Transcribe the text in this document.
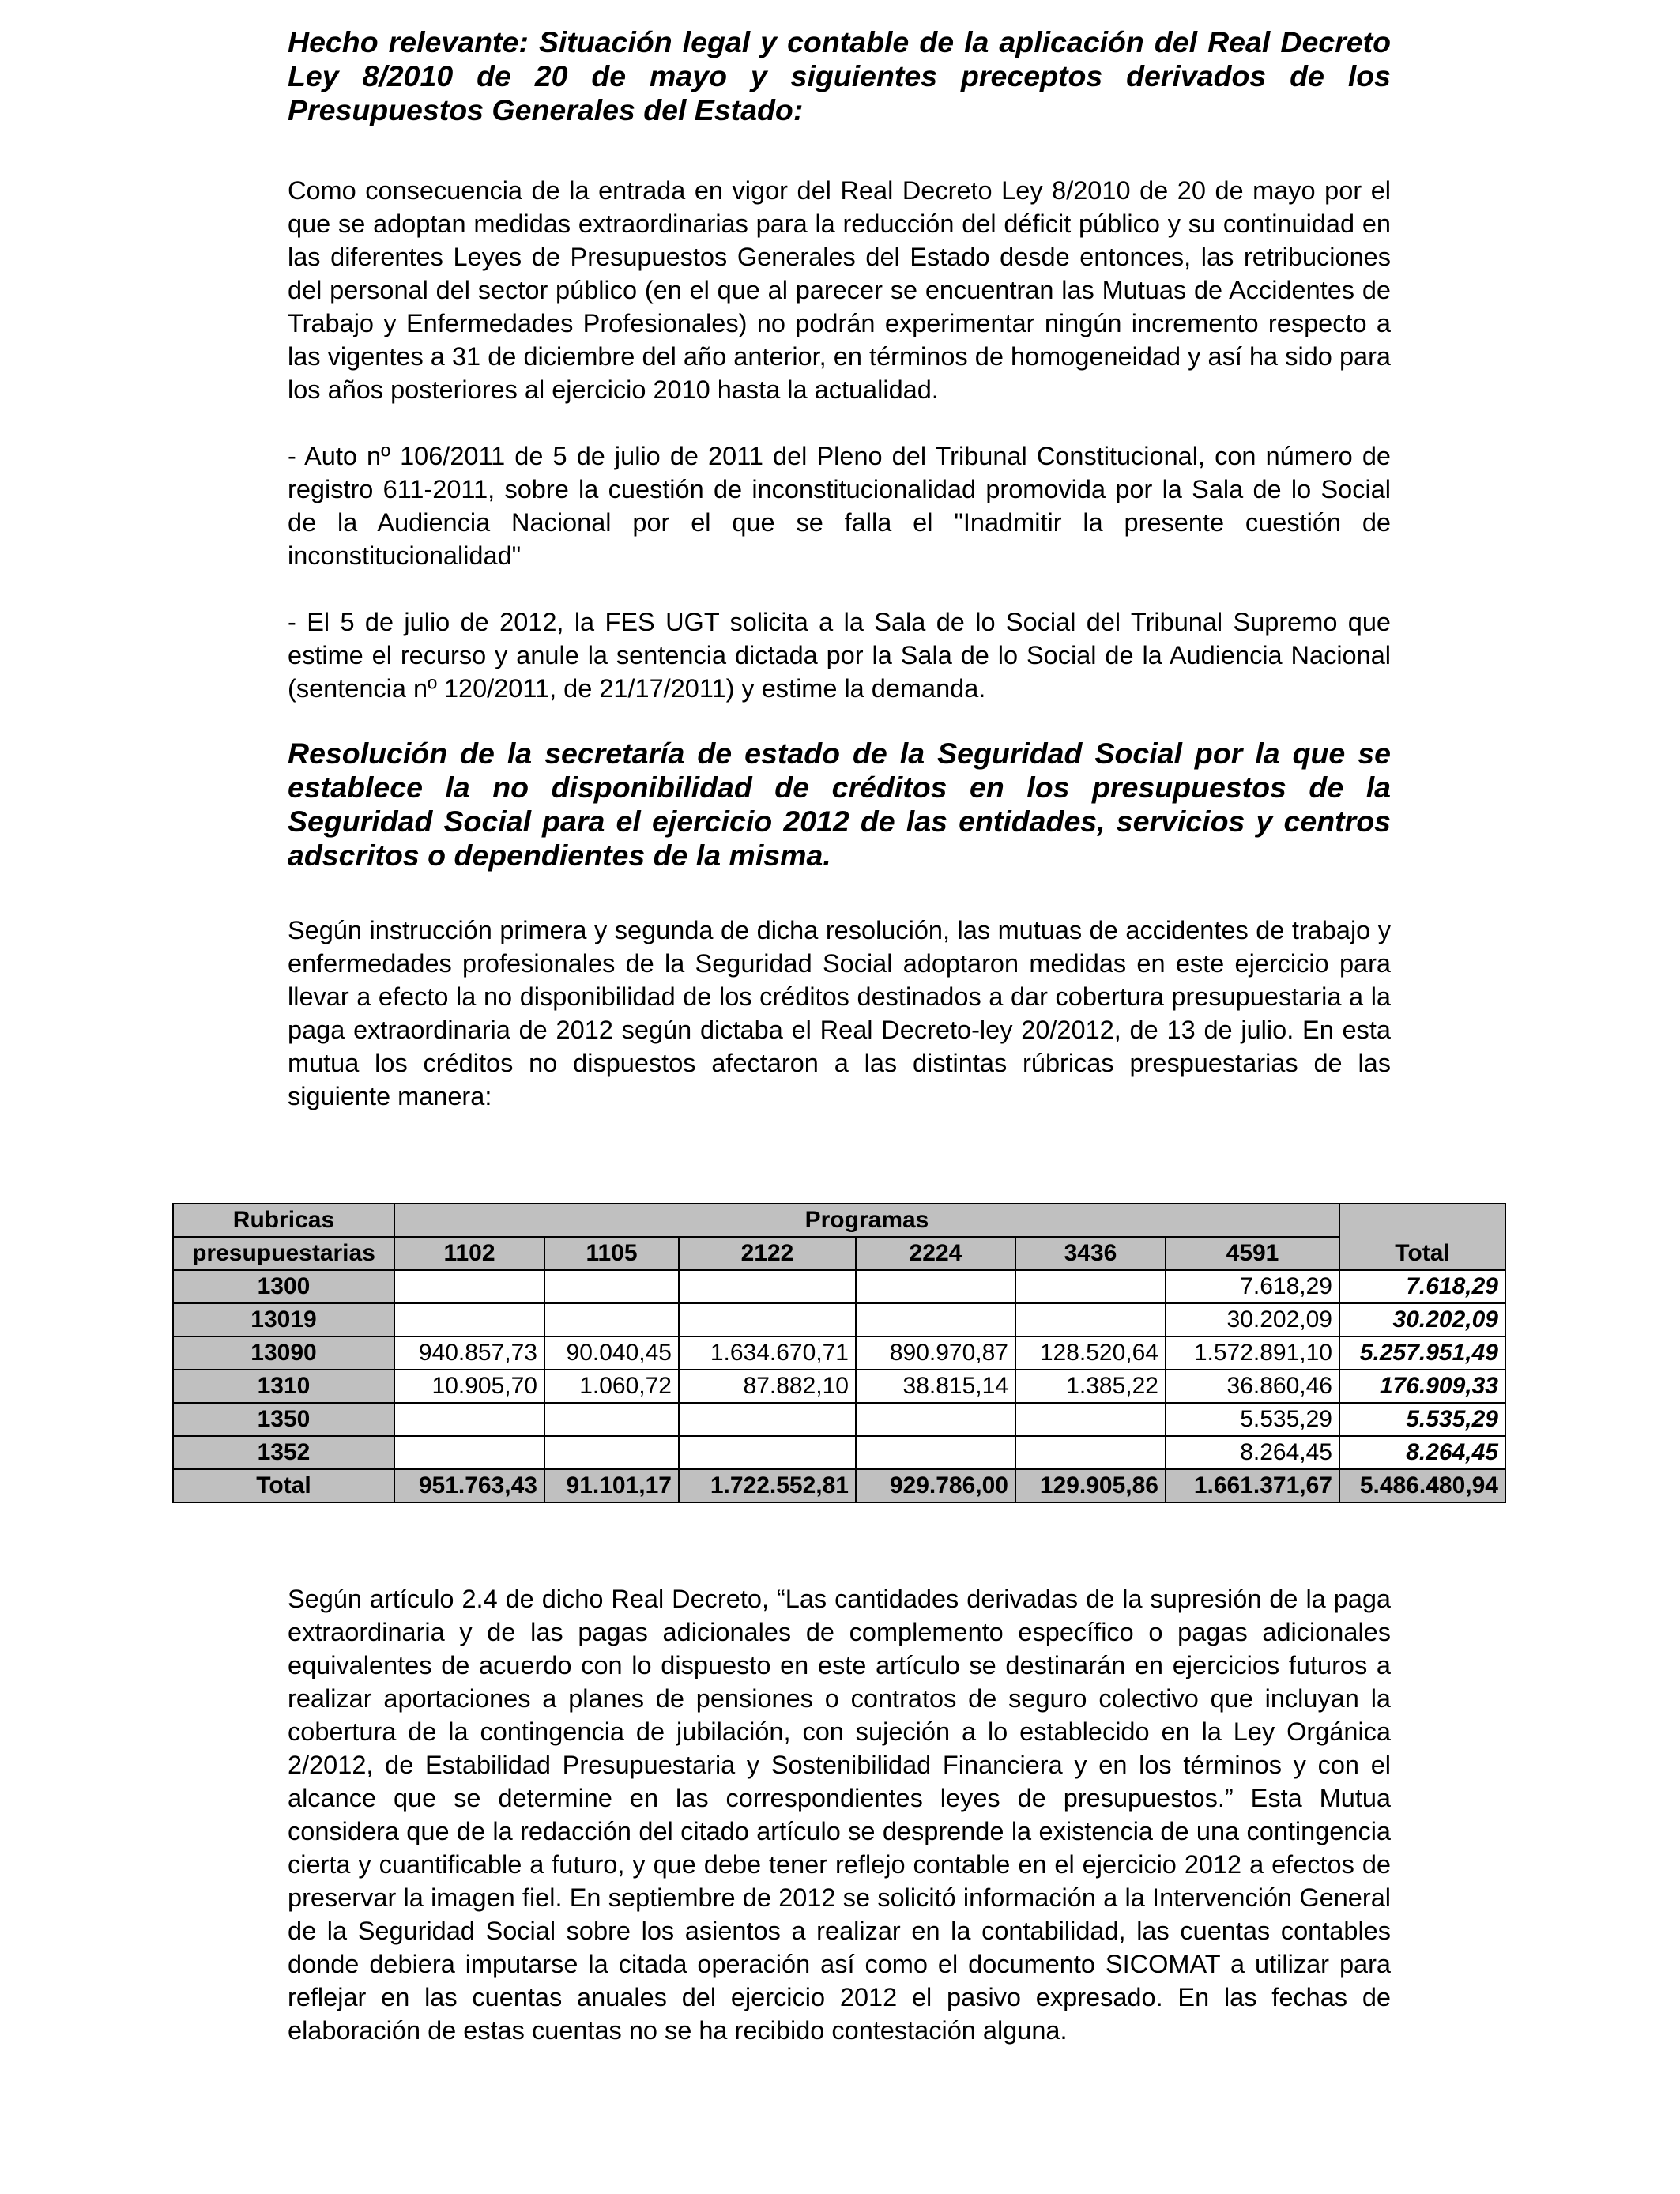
Hecho relevante: Situación legal y contable de la aplicación del Real Decreto Ley 8/2010 de 20 de mayo y siguientes preceptos derivados de los Presupuestos Generales del Estado:

Como consecuencia de la entrada en vigor del Real Decreto Ley 8/2010 de 20 de mayo por el que se adoptan medidas extraordinarias para la reducción del déficit público y su continuidad en las diferentes Leyes de Presupuestos Generales del Estado desde entonces, las retribuciones del personal del sector público (en el que al parecer se encuentran las Mutuas de Accidentes de Trabajo y Enfermedades Profesionales) no podrán experimentar ningún incremento respecto a las vigentes a 31 de diciembre del año anterior, en términos de homogeneidad y así ha sido para los años posteriores al ejercicio 2010 hasta la actualidad.

- Auto nº 106/2011 de 5 de julio de 2011 del Pleno del Tribunal Constitucional, con número de registro 611-2011, sobre la cuestión de inconstitucionalidad promovida por la Sala de lo Social de la Audiencia Nacional por el que se falla el "Inadmitir la presente cuestión de inconstitucionalidad"

- El 5 de julio de 2012, la FES UGT solicita a la Sala de lo Social del Tribunal Supremo que estime el recurso y anule la sentencia dictada por la Sala de lo Social de la Audiencia Nacional (sentencia nº 120/2011, de 21/17/2011) y estime la demanda.

Resolución de la secretaría de estado de la Seguridad Social por la que se establece la no disponibilidad de créditos en los presupuestos de la Seguridad Social para el ejercicio 2012 de las entidades, servicios y centros adscritos o dependientes de la misma.

Según instrucción primera y segunda de dicha resolución, las mutuas de accidentes de trabajo y enfermedades profesionales de la Seguridad Social adoptaron medidas en este ejercicio para llevar a efecto la no disponibilidad de los créditos destinados a dar cobertura presupuestaria a la paga extraordinaria de 2012 según dictaba el Real Decreto-ley 20/2012, de 13 de julio. En esta mutua los créditos no dispuestos afectaron a las distintas rúbricas prespuestarias de las siguiente manera:

Rubricas	Programas						Total
presupuestarias	1102	1105	2122	2224	3436	4591	
1300						7.618,29	7.618,29
13019						30.202,09	30.202,09
13090	940.857,73	90.040,45	1.634.670,71	890.970,87	128.520,64	1.572.891,10	5.257.951,49
1310	10.905,70	1.060,72	87.882,10	38.815,14	1.385,22	36.860,46	176.909,33
1350						5.535,29	5.535,29
1352						8.264,45	8.264,45
Total	951.763,43	91.101,17	1.722.552,81	929.786,00	129.905,86	1.661.371,67	5.486.480,94

Según artículo 2.4 de dicho Real Decreto, “Las cantidades derivadas de la supresión de la paga extraordinaria y de las pagas adicionales de complemento específico o pagas adicionales equivalentes de acuerdo con lo dispuesto en este artículo se destinarán en ejercicios futuros a realizar aportaciones a planes de pensiones o contratos de seguro colectivo que incluyan la cobertura de la contingencia de jubilación, con sujeción a lo establecido en la Ley Orgánica 2/2012, de Estabilidad Presupuestaria y Sostenibilidad Financiera y en los términos y con el alcance que se determine en las correspondientes leyes de presupuestos.” Esta Mutua considera que de la redacción del citado artículo se desprende la existencia de una contingencia cierta y cuantificable a futuro, y que debe tener reflejo contable en el ejercicio 2012 a efectos de preservar la imagen fiel. En septiembre de 2012 se solicitó información a la Intervención General de la Seguridad Social sobre los asientos a realizar en la contabilidad, las cuentas contables donde debiera imputarse la citada operación así como el documento SICOMAT a utilizar para reflejar en las cuentas anuales del ejercicio 2012 el pasivo expresado. En las fechas de elaboración de estas cuentas no se ha recibido contestación alguna.
